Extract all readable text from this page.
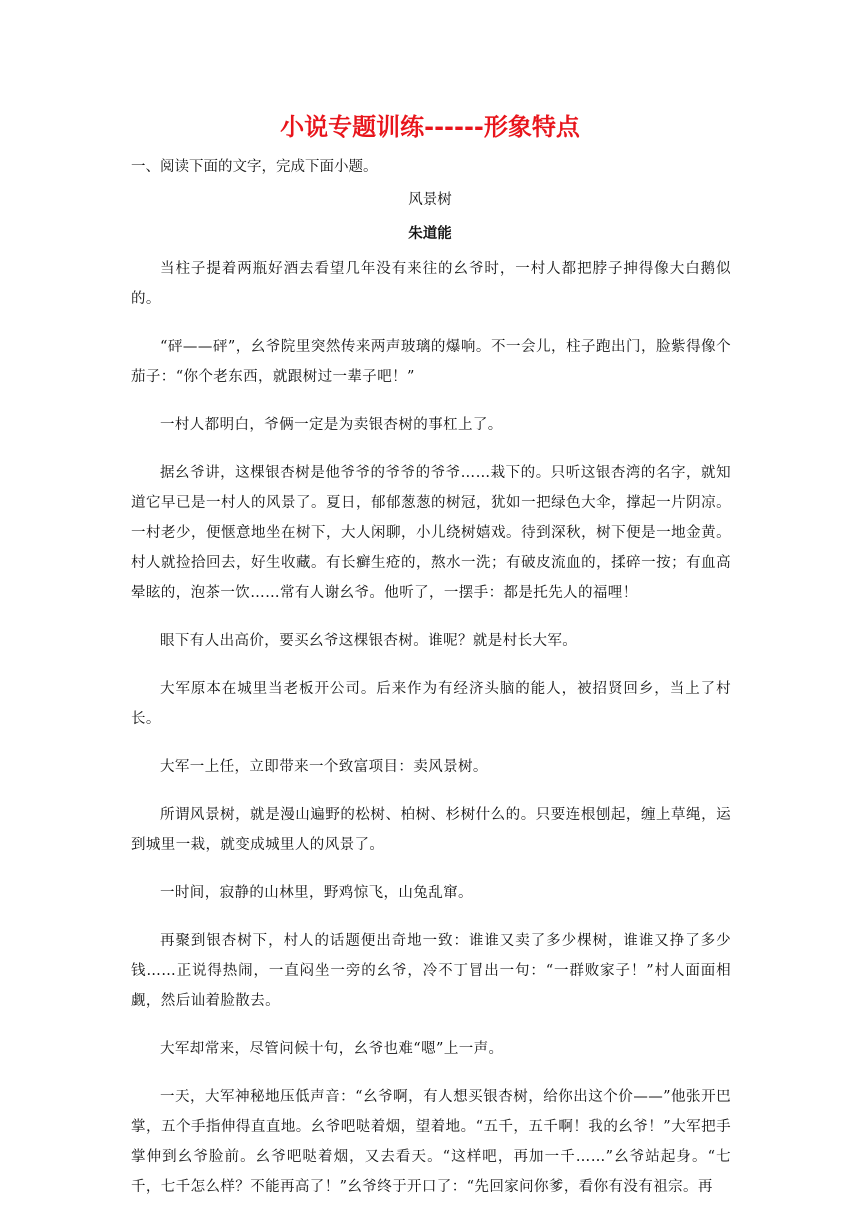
小说专题训练------形象特点

一、阅读下面的文字，完成下面小题。

风景树

朱道能

当柱子提着两瓶好酒去看望几年没有来往的幺爷时，一村人都把脖子抻得像大白鹅似的。

“砰——砰”，幺爷院里突然传来两声玻璃的爆响。不一会儿，柱子跑出门，脸紫得像个茄子：“你个老东西，就跟树过一辈子吧！”

一村人都明白，爷俩一定是为卖银杏树的事杠上了。

据幺爷讲，这棵银杏树是他爷爷的爷爷的爷爷……栽下的。只听这银杏湾的名字，就知道它早已是一村人的风景了。夏日，郁郁葱葱的树冠，犹如一把绿色大伞，撑起一片阴凉。一村老少，便惬意地坐在树下，大人闲聊，小儿绕树嬉戏。待到深秋，树下便是一地金黄。村人就捡拾回去，好生收藏。有长癣生疮的，熬水一洗；有破皮流血的，揉碎一按；有血高晕眩的，泡茶一饮……常有人谢幺爷。他听了，一摆手：都是托先人的福哩！

眼下有人出高价，要买幺爷这棵银杏树。谁呢？就是村长大军。

大军原本在城里当老板开公司。后来作为有经济头脑的能人，被招贤回乡，当上了村长。

大军一上任，立即带来一个致富项目：卖风景树。

所谓风景树，就是漫山遍野的松树、柏树、杉树什么的。只要连根刨起，缠上草绳，运到城里一栽，就变成城里人的风景了。

一时间，寂静的山林里，野鸡惊飞，山兔乱窜。

再聚到银杏树下，村人的话题便出奇地一致：谁谁又卖了多少棵树，谁谁又挣了多少钱……正说得热闹，一直闷坐一旁的幺爷，冷不丁冒出一句：“一群败家子！”村人面面相觑，然后讪着脸散去。

大军却常来，尽管问候十句，幺爷也难“嗯”上一声。

一天，大军神秘地压低声音：“幺爷啊，有人想买银杏树，给你出这个价——”他张开巴掌，五个手指伸得直直地。幺爷吧哒着烟，望着地。“五千，五千啊！我的幺爷！”大军把手掌伸到幺爷脸前。幺爷吧哒着烟，又去看天。“这样吧，再加一千……”幺爷站起身。“七千，七千怎么样？不能再高了！”幺爷终于开口了：“先回家问你爹，看你有没有祖宗。再
